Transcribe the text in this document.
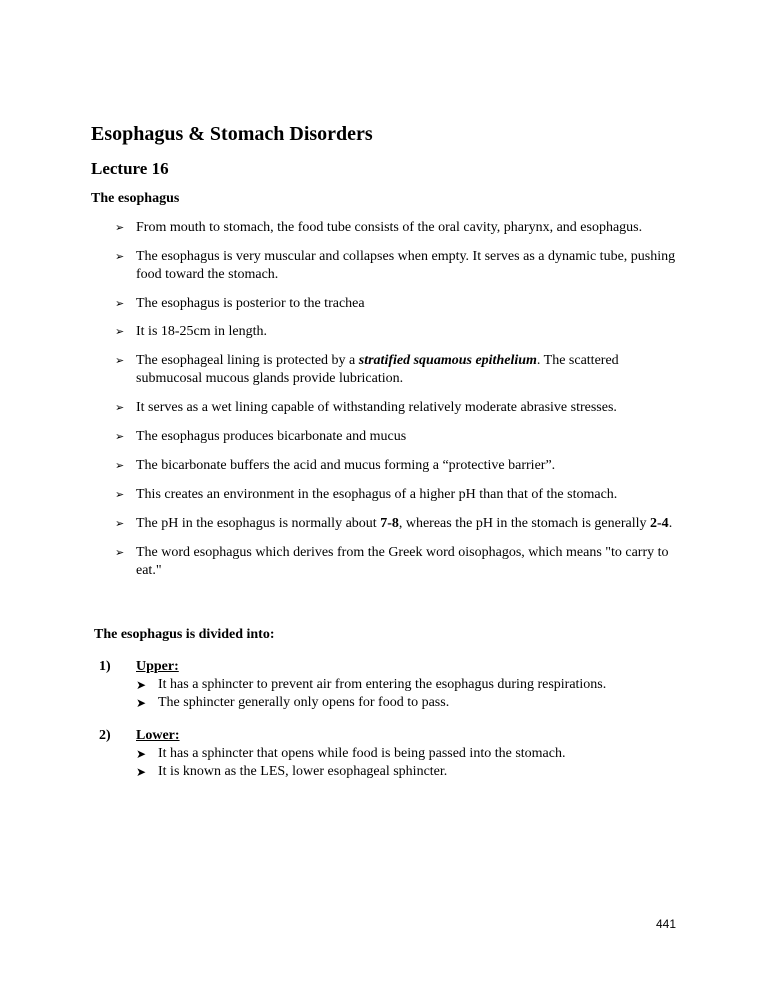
Esophagus & Stomach Disorders
Lecture 16
The esophagus
➢ From mouth to stomach, the food tube consists of the oral cavity, pharynx, and esophagus.
➢ The esophagus is very muscular and collapses when empty. It serves as a dynamic tube, pushing food toward the stomach.
➢ The esophagus is posterior to the trachea
➢ It is 18-25cm in length.
➢ The esophageal lining is protected by a stratified squamous epithelium. The scattered submucosal mucous glands provide lubrication.
➢ It serves as a wet lining capable of withstanding relatively moderate abrasive stresses.
➢ The esophagus produces bicarbonate and mucus
➢ The bicarbonate buffers the acid and mucus forming a “protective barrier”.
➢ This creates an environment in the esophagus of a higher pH than that of the stomach.
➢ The pH in the esophagus is normally about 7-8, whereas the pH in the stomach is generally 2-4.
➢ The word esophagus which derives from the Greek word oisophagos, which means "to carry to eat."
The esophagus is divided into:
1) Upper:
➤ It has a sphincter to prevent air from entering the esophagus during respirations.
➤ The sphincter generally only opens for food to pass.
2) Lower:
➤ It has a sphincter that opens while food is being passed into the stomach.
➤ It is known as the LES, lower esophageal sphincter.
441
